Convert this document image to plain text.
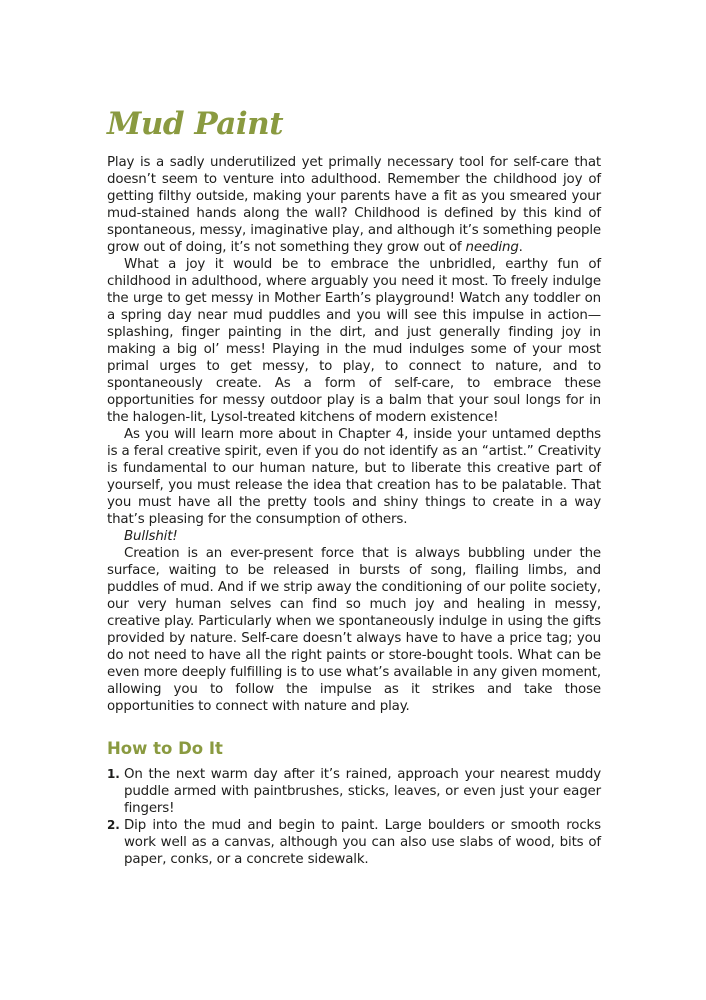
Mud Paint

Play is a sadly underutilized yet primally necessary tool for self-care that doesn’t seem to venture into adulthood. Remember the childhood joy of getting filthy outside, making your parents have a fit as you smeared your mud-stained hands along the wall? Childhood is defined by this kind of spontaneous, messy, imaginative play, and although it’s something people grow out of doing, it’s not something they grow out of needing.

What a joy it would be to embrace the unbridled, earthy fun of childhood in adulthood, where arguably you need it most. To freely indulge the urge to get messy in Mother Earth’s playground! Watch any toddler on a spring day near mud puddles and you will see this impulse in action—splashing, finger painting in the dirt, and just generally finding joy in making a big ol’ mess! Playing in the mud indulges some of your most primal urges to get messy, to play, to connect to nature, and to spontaneously create. As a form of self-care, to embrace these opportunities for messy outdoor play is a balm that your soul longs for in the halogen-lit, Lysol-treated kitchens of modern existence!

As you will learn more about in Chapter 4, inside your untamed depths is a feral creative spirit, even if you do not identify as an “artist.” Creativity is fundamental to our human nature, but to liberate this creative part of yourself, you must release the idea that creation has to be palatable. That you must have all the pretty tools and shiny things to create in a way that’s pleasing for the consumption of others.

Bullshit!

Creation is an ever-present force that is always bubbling under the surface, waiting to be released in bursts of song, flailing limbs, and puddles of mud. And if we strip away the conditioning of our polite society, our very human selves can find so much joy and healing in messy, creative play. Particularly when we spontaneously indulge in using the gifts provided by nature. Self-care doesn’t always have to have a price tag; you do not need to have all the right paints or store-bought tools. What can be even more deeply fulfilling is to use what’s available in any given moment, allowing you to follow the impulse as it strikes and take those opportunities to connect with nature and play.

How to Do It
1. On the next warm day after it’s rained, approach your nearest muddy puddle armed with paintbrushes, sticks, leaves, or even just your eager fingers!
2. Dip into the mud and begin to paint. Large boulders or smooth rocks work well as a canvas, although you can also use slabs of wood, bits of paper, conks, or a concrete sidewalk.
